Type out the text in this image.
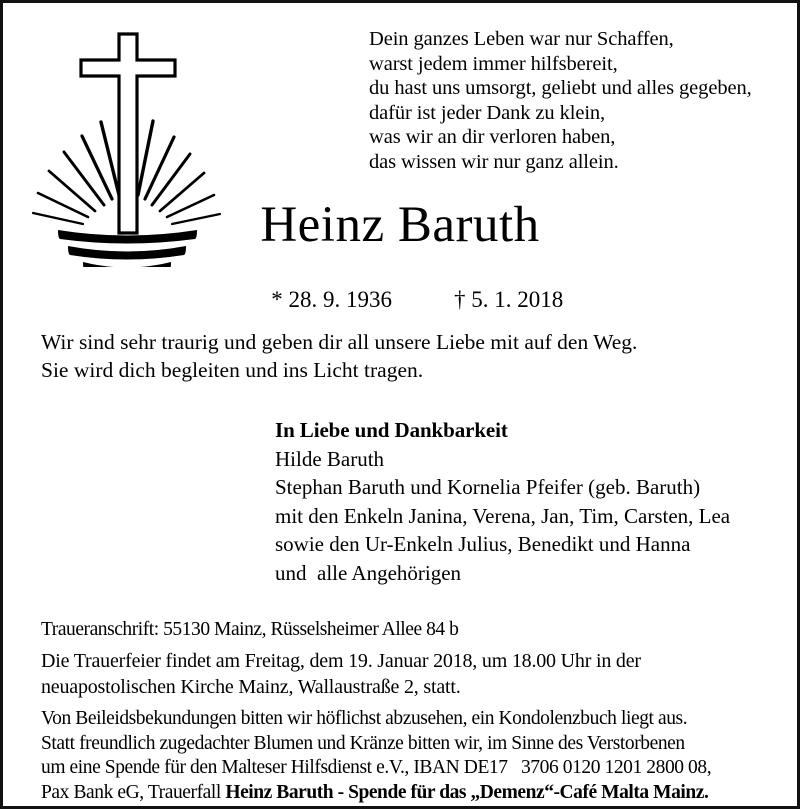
Dein ganzes Leben war nur Schaffen,
warst jedem immer hilfsbereit,
du hast uns umsorgt, geliebt und alles gegeben,
dafür ist jeder Dank zu klein,
was wir an dir verloren haben,
das wissen wir nur ganz allein.
Heinz Baruth

* 28. 9. 1936	† 5. 1. 2018

Wir sind sehr traurig und geben dir all unsere Liebe mit auf den Weg.
Sie wird dich begleiten und ins Licht tragen.
In Liebe und Dankbarkeit
Hilde Baruth
Stephan Baruth und Kornelia Pfeifer (geb. Baruth)
mit den Enkeln Janina, Verena, Jan, Tim, Carsten, Lea
sowie den Ur-Enkeln Julius, Benedikt und Hanna
und  alle Angehörigen
Traueranschrift: 55130 Mainz, Rüsselsheimer Allee 84 b
Die Trauerfeier findet am Freitag, dem 19. Januar 2018, um 18.00 Uhr in der
neuapostolischen Kirche Mainz, Wallaustraße 2, statt.
Von Beileidsbekundungen bitten wir höflichst abzusehen, ein Kondolenzbuch liegt aus.
Statt freundlich zugedachter Blumen und Kränze bitten wir, im Sinne des Verstorbenen
um eine Spende für den Malteser Hilfsdienst e.V., IBAN DE17   3706 0120 1201 2800 08,
Pax Bank eG, Trauerfall Heinz Baruth - Spende für das „Demenz“-Café Malta Mainz.
